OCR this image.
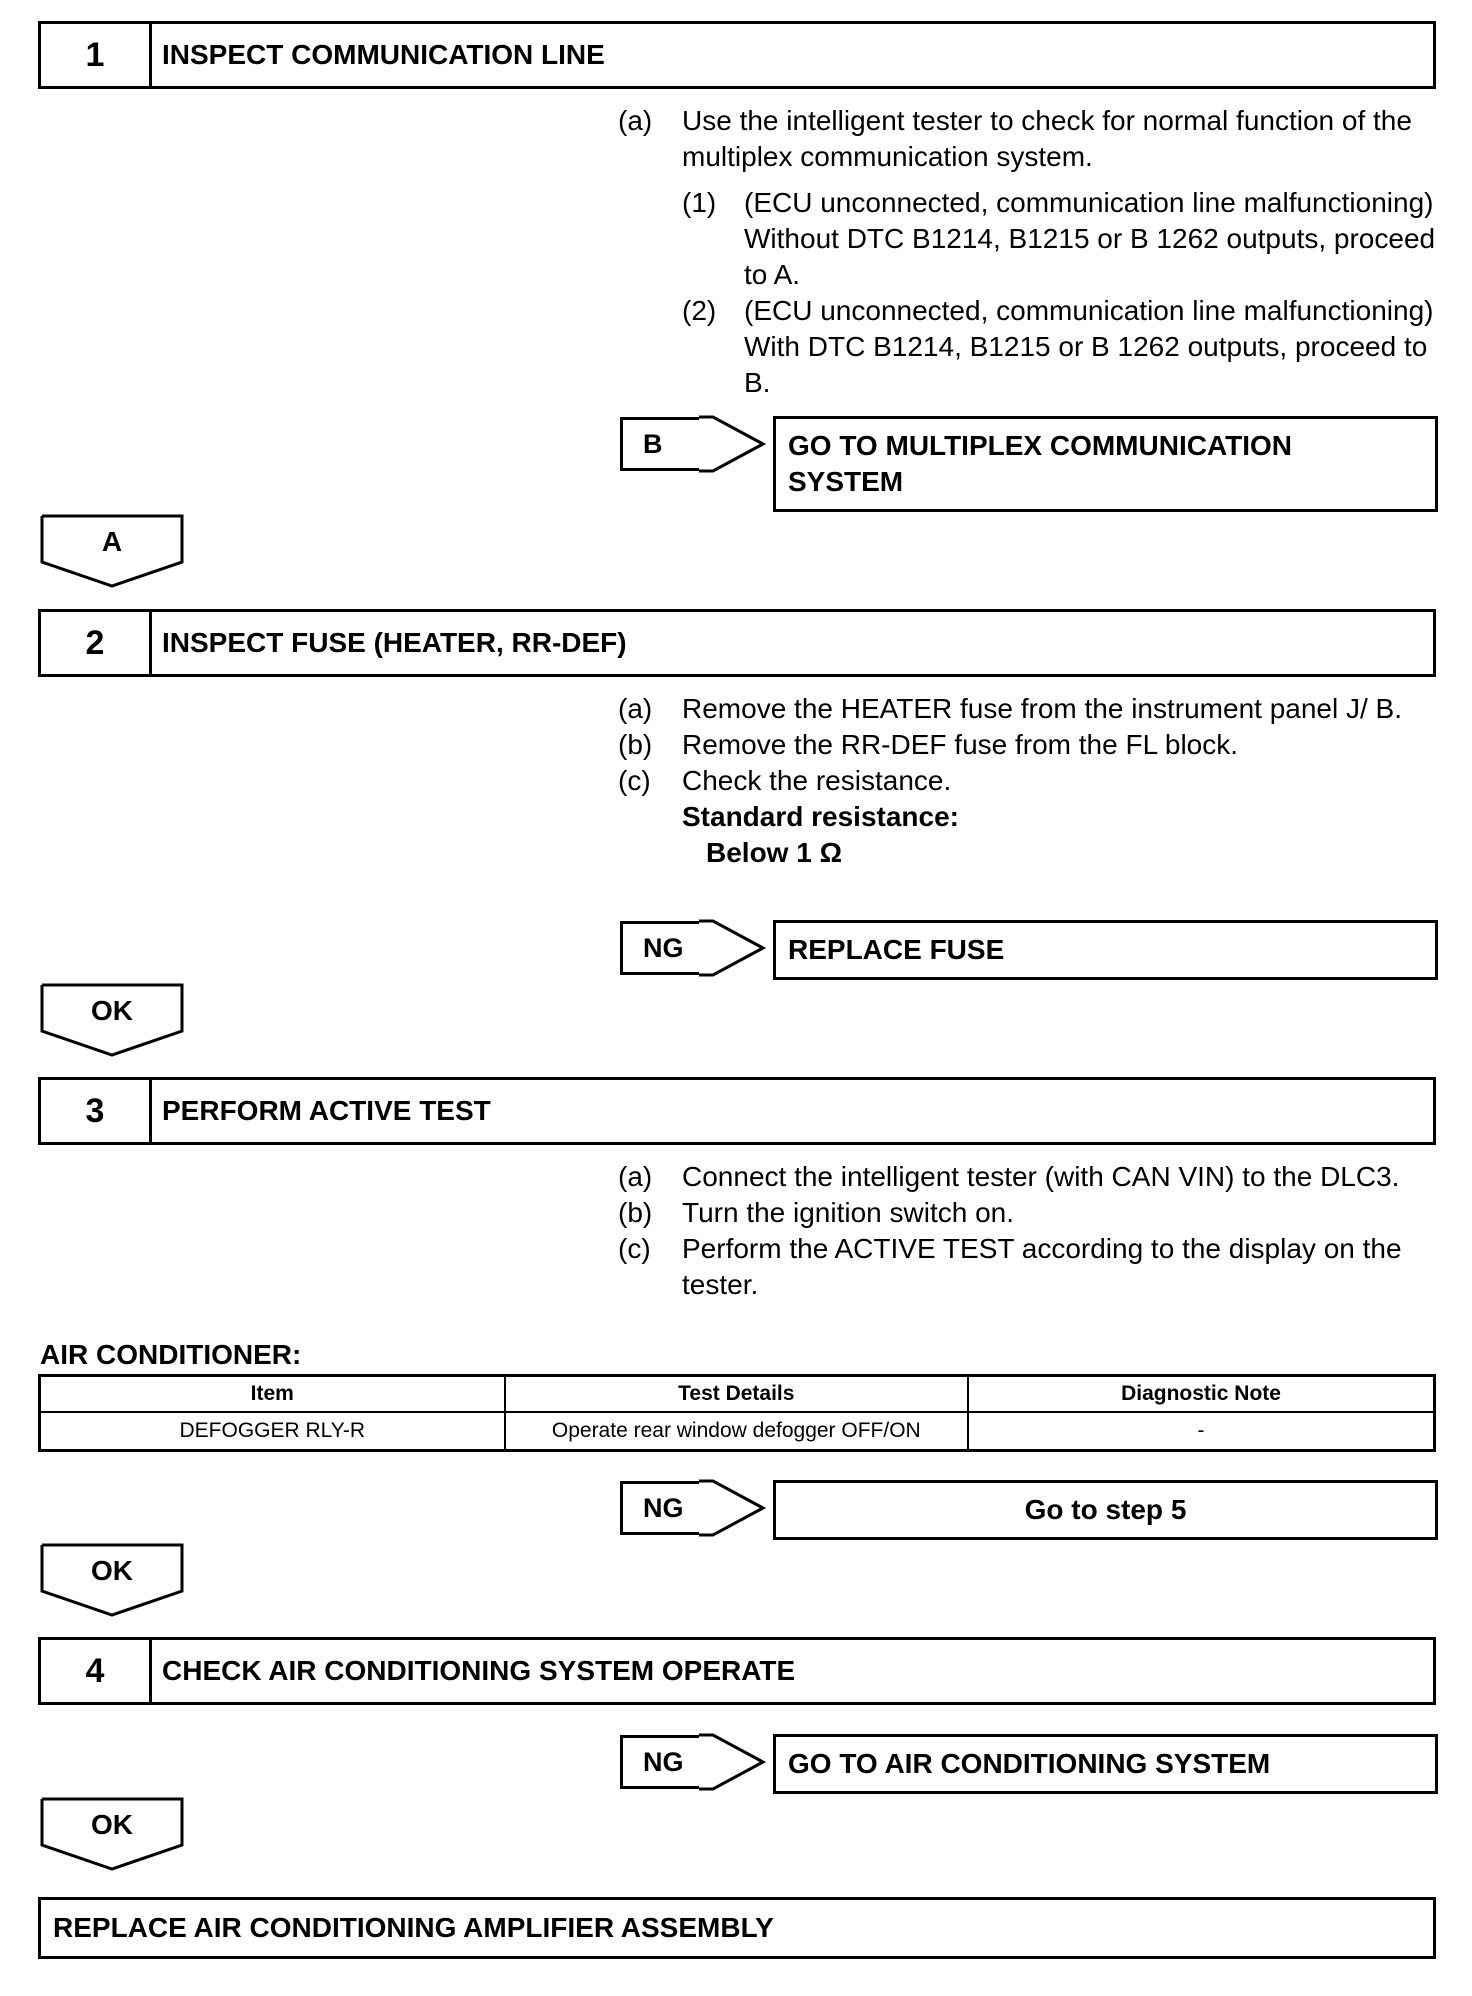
1	INSPECT COMMUNICATION LINE
(a)	Use the intelligent tester to check for normal function of the multiplex communication system.
(1) (ECU unconnected, communication line malfunctioning) Without DTC B1214, B1215 or B 1262 outputs, proceed to A.
(2) (ECU unconnected, communication line malfunctioning) With DTC B1214, B1215 or B 1262 outputs, proceed to B.
B	GO TO MULTIPLEX COMMUNICATION SYSTEM
A
2	INSPECT FUSE (HEATER, RR-DEF)
(a)	Remove the HEATER fuse from the instrument panel J/ B.
(b)	Remove the RR-DEF fuse from the FL block.
(c)	Check the resistance.
Standard resistance:
Below 1 Ω
NG	REPLACE FUSE
OK
3	PERFORM ACTIVE TEST
(a)	Connect the intelligent tester (with CAN VIN) to the DLC3.
(b)	Turn the ignition switch on.
(c)	Perform the ACTIVE TEST according to the display on the tester.
AIR CONDITIONER:
Item	Test Details	Diagnostic Note
DEFOGGER RLY-R	Operate rear window defogger OFF/ON	-
NG	Go to step 5
OK
4	CHECK AIR CONDITIONING SYSTEM OPERATE
NG	GO TO AIR CONDITIONING SYSTEM
OK
REPLACE AIR CONDITIONING AMPLIFIER ASSEMBLY
